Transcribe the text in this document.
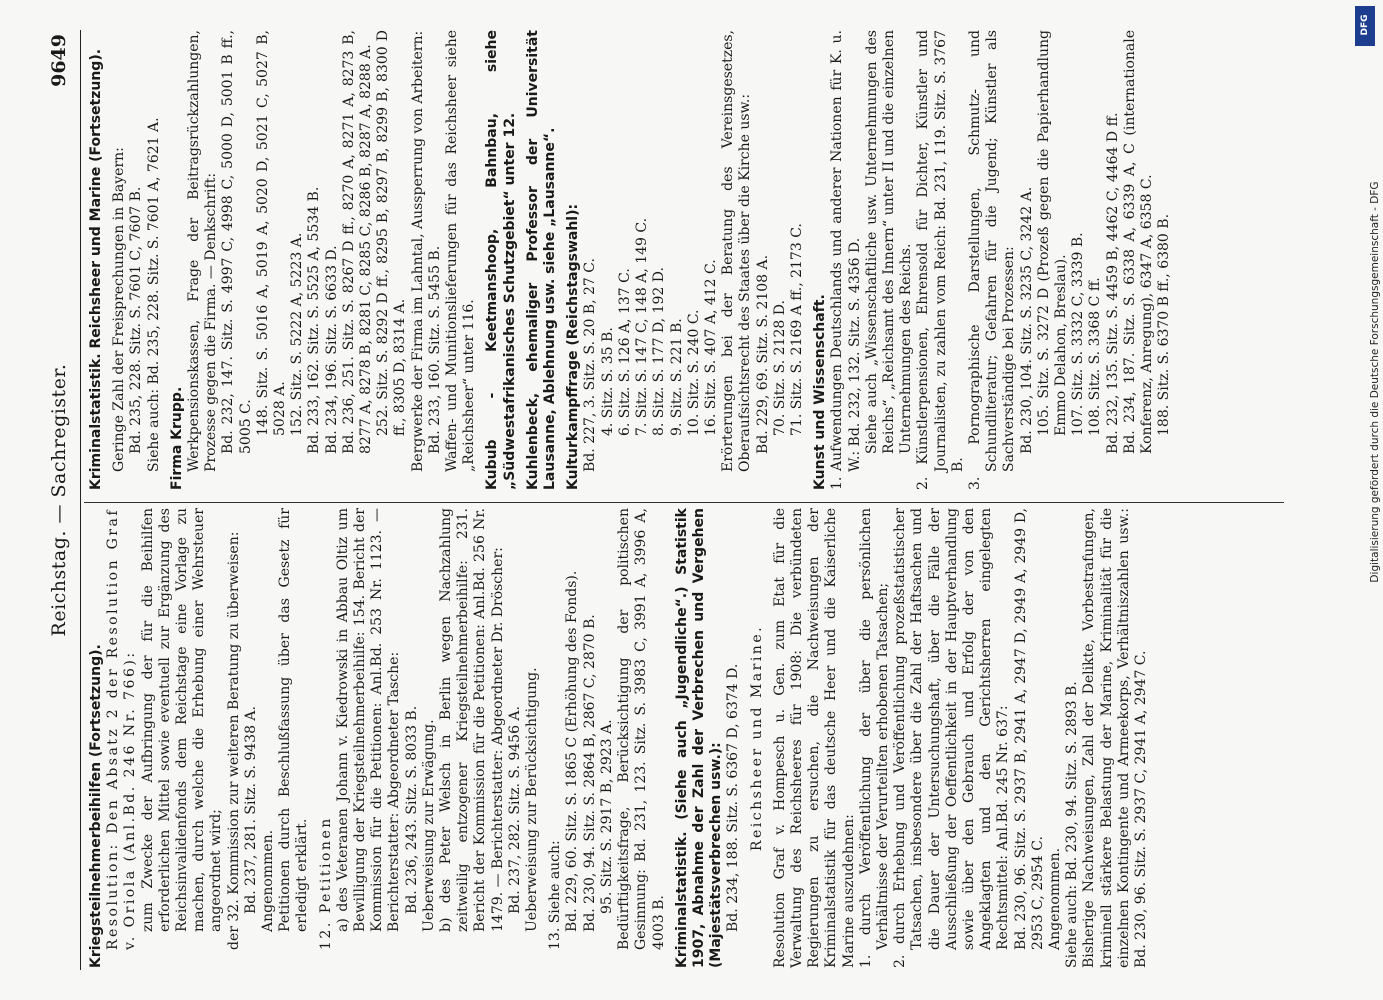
Reichstag. — Sachregister.
9649

Kriegsteilnehmerbeihilfen (Fortsetzung). Resolution: Den Absatz 2 der Resolution Graf v. Oriola (Anl.Bd. 246 Nr. 766): zum Zwecke der Aufbringung der für die Beihilfen erforderlichen Mittel sowie eventuell zur Ergänzung des Reichsinvalidenfonds dem Reichstage eine Vorlage zu machen, durch welche die Erhebung einer Wehrsteuer angeordnet wird; der 32. Kommission zur weiteren Beratung zu überweisen: Bd. 237, 281. Sitz. S. 9438 A. Angenommen. Petitionen durch Beschlußfassung über das Gesetz für erledigt erklärt. 12. Petitionen a) des Veteranen Johann v. Kiedrowski in Abbau Oltiz um Bewilligung der Kriegsteilnehmerbeihilfe: 154. Bericht der Kommission für die Petitionen: Anl.Bd. 253 Nr. 1123. — Berichterstatter: Abgeordneter Tasche: Bd. 236, 243. Sitz. S. 8033 B. Ueberweisung zur Erwägung. b) des Peter Welsch in Berlin wegen Nachzahlung zeitweilig entzogener Kriegsteilnehmerbeihilfe: 231. Bericht der Kommission für die Petitionen: Anl.Bd. 256 Nr. 1479. — Berichterstatter: Abgeordneter Dr. Dröscher: Bd. 237, 282. Sitz. S. 9456 A. Ueberweisung zur Berücksichtigung. 13. Siehe auch: Bd. 229, 60. Sitz. S. 1865 C (Erhöhung des Fonds). Bd. 230, 94. Sitz. S. 2864 B, 2867 C, 2870 B. 95. Sitz. S. 2917 B, 2923 A. Bedürftigkeitsfrage, Berücksichtigung der politischen Gesinnung: Bd. 231, 123. Sitz. S. 3983 C, 3991 A, 3996 A, 4003 B. Kriminalstatistik. (Siehe auch „Jugendliche“.) Statistik 1907, Abnahme der Zahl der Verbrechen und Vergehen (Majestätsverbrechen usw.): Bd. 234, 188. Sitz. S. 6367 D, 6374 D. Reichsheer und Marine. Resolution Graf v. Hompesch u. Gen. zum Etat für die Verwaltung des Reichsheeres für 1908: Die verbündeten Regierungen zu ersuchen, die Nachweisungen der Kriminalstatistik für das deutsche Heer und die Kaiserliche Marine auszudehnen: 1. durch Veröffentlichung der über die persönlichen Verhältnisse der Verurteilten erhobenen Tatsachen; 2. durch Erhebung und Veröffentlichung prozeßstatistischer Tatsachen, insbesondere über die Zahl der Haftsachen und die Dauer der Untersuchungshaft, über die Fälle der Ausschließung der Oeffentlichkeit in der Hauptverhandlung sowie über den Gebrauch und Erfolg der von den Angeklagten und den Gerichtsherren eingelegten Rechtsmittel: Anl.Bd. 245 Nr. 637: Bd. 230, 96. Sitz. S. 2937 B, 2941 A, 2947 D, 2949 A, 2949 D, 2953 C, 2954 C. Angenommen. Siehe auch: Bd. 230, 94. Sitz. S. 2893 B. Bisherige Nachweisungen, Zahl der Delikte, Vorbestrafungen, kriminell stärkere Belastung der Marine, Kriminalität für die einzelnen Kontingente und Armeekorps, Verhältniszahlen usw.: Bd. 230, 96. Sitz. S. 2937 C, 2941 A, 2947 C.

Kriminalstatistik. Reichsheer und Marine (Fortsetzung). Geringe Zahl der Freisprechungen in Bayern: Bd. 235, 228. Sitz. S. 7601 C, 7607 B. Siehe auch: Bd. 235, 228. Sitz. S. 7601 A, 7621 A. Firma Krupp. Werkpensionskassen, Frage der Beitragsrückzahlungen, Prozesse gegen die Firma. — Denkschrift: Bd. 232, 147. Sitz. S. 4997 C, 4998 C, 5000 D, 5001 B ff., 5005 C. 148. Sitz. S. 5016 A, 5019 A, 5020 D, 5021 C, 5027 B, 5028 A. 152. Sitz. S. 5222 A, 5223 A. Bd. 233, 162. Sitz. S. 5525 A, 5534 B. Bd. 234, 196. Sitz. S. 6633 D. Bd. 236, 251. Sitz. S. 8267 D ff., 8270 A, 8271 A, 8273 B, 8277 A, 8278 B, 8281 C, 8285 C, 8286 B, 8287 A, 8288 A. 252. Sitz. S. 8292 D ff., 8295 B, 8297 B, 8299 B, 8300 D ff., 8305 D, 8314 A. Bergwerke der Firma im Lahntal, Aussperrung von Arbeitern: Bd. 233, 160. Sitz. S. 5455 B. Waffen- und Munitionslieferungen für das Reichsheer siehe „Reichsheer“ unter 116. Kubub - Keetmanshoop, Bahnbau, siehe „Südwestafrikanisches Schutzgebiet“ unter 12. Kuhlenbeck, ehemaliger Professor der Universität Lausanne, Ablehnung usw. siehe „Lausanne“. Kulturkampffrage (Reichstagswahl): Bd. 227, 3. Sitz. S. 20 B, 27 C. 4. Sitz. S. 35 B. 6. Sitz. S. 126 A, 137 C. 7. Sitz. S. 147 C, 148 A, 149 C. 8. Sitz. S. 177 D, 192 D. 9. Sitz. S. 221 B. 10. Sitz. S. 240 C. 16. Sitz. S. 407 A, 412 C. Erörterungen bei der Beratung des Vereinsgesetzes, Oberaufsichtsrecht des Staates über die Kirche usw.: Bd. 229, 69. Sitz. S. 2108 A. 70. Sitz. S. 2128 D. 71. Sitz. S. 2169 A ff., 2173 C. Kunst und Wissenschaft. 1. Aufwendungen Deutschlands und anderer Nationen für K. u. W.: Bd. 232, 132. Sitz. S. 4356 D. Siehe auch „Wissenschaftliche usw. Unternehmungen des Reichs“, „Reichsamt des Innern“ unter II und die einzelnen Unternehmungen des Reichs. 2. Künstlerpensionen, Ehrensold für Dichter, Künstler und Journalisten, zu zahlen vom Reich: Bd. 231, 119. Sitz. S. 3767 B. 3. Pornographische Darstellungen, Schmutz- und Schundliteratur; Gefahren für die Jugend; Künstler als Sachverständige bei Prozessen: Bd. 230, 104. Sitz. S. 3235 C, 3242 A. 105. Sitz. S. 3272 D (Prozeß gegen die Papierhandlung Emmo Delahon, Breslau). 107. Sitz. S. 3332 C, 3339 B. 108. Sitz. S. 3368 C ff. Bd. 232, 135. Sitz. S. 4459 B, 4462 C, 4464 D ff. Bd. 234, 187. Sitz. S. 6338 A, 6339 A, C (internationale Konferenz, Anregung), 6347 A, 6358 C. 188. Sitz. S. 6370 B ff., 6380 B.

DFG
Digitalisierung gefördert durch die Deutsche Forschungsgemeinschaft - DFG
